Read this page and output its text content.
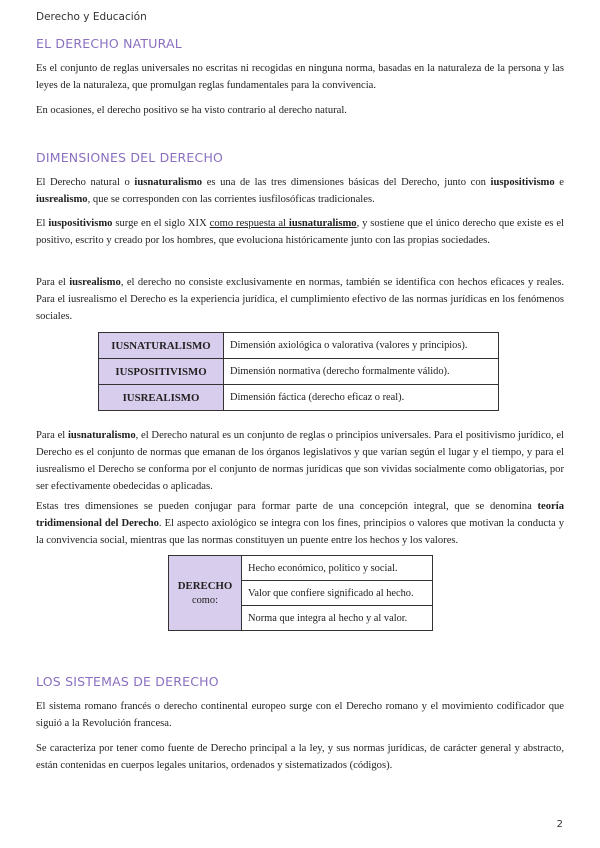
Derecho y Educación
EL DERECHO NATURAL

Es el conjunto de reglas universales no escritas ni recogidas en ninguna norma, basadas en la naturaleza de la persona y las leyes de la naturaleza, que promulgan reglas fundamentales para la convivencia.

En ocasiones, el derecho positivo se ha visto contrario al derecho natural.

DIMENSIONES DEL DERECHO

El Derecho natural o iusnaturalismo es una de las tres dimensiones básicas del Derecho, junto con iuspositivismo e iusrealismo, que se corresponden con las corrientes iusfilosóficas tradicionales.

El iuspositivismo surge en el siglo XIX como respuesta al iusnaturalismo, y sostiene que el único derecho que existe es el positivo, escrito y creado por los hombres, que evoluciona históricamente junto con las propias sociedades.

Para el iusrealismo, el derecho no consiste exclusivamente en normas, también se identifica con hechos eficaces y reales. Para el iusrealismo el Derecho es la experiencia jurídica, el cumplimiento efectivo de las normas jurídicas en los fenómenos sociales.

IUSNATURALISMO	Dimensión axiológica o valorativa (valores y principios).
IUSPOSITIVISMO	Dimensión normativa (derecho formalmente válido).
IUSREALISMO	Dimensión fáctica (derecho eficaz o real).

Para el iusnaturalismo, el Derecho natural es un conjunto de reglas o principios universales. Para el positivismo jurídico, el Derecho es el conjunto de normas que emanan de los órganos legislativos y que varían según el lugar y el tiempo, y para el iusrealismo el Derecho se conforma por el conjunto de normas jurídicas que son vividas socialmente como obligatorias, por ser efectivamente obedecidas o aplicadas.

Estas tres dimensiones se pueden conjugar para formar parte de una concepción integral, que se denomina teoría tridimensional del Derecho. El aspecto axiológico se integra con los fines, principios o valores que motivan la conducta y la convivencia social, mientras que las normas constituyen un puente entre los hechos y los valores.

DERECHO
como:	Hecho económico, político y social.
Valor que confiere significado al hecho.
Norma que integra al hecho y al valor.
LOS SISTEMAS DE DERECHO

El sistema romano francés o derecho continental europeo surge con el Derecho romano y el movimiento codificador que siguió a la Revolución francesa.

Se caracteriza por tener como fuente de Derecho principal a la ley, y sus normas jurídicas, de carácter general y abstracto, están contenidas en cuerpos legales unitarios, ordenados y sistematizados (códigos).

2
